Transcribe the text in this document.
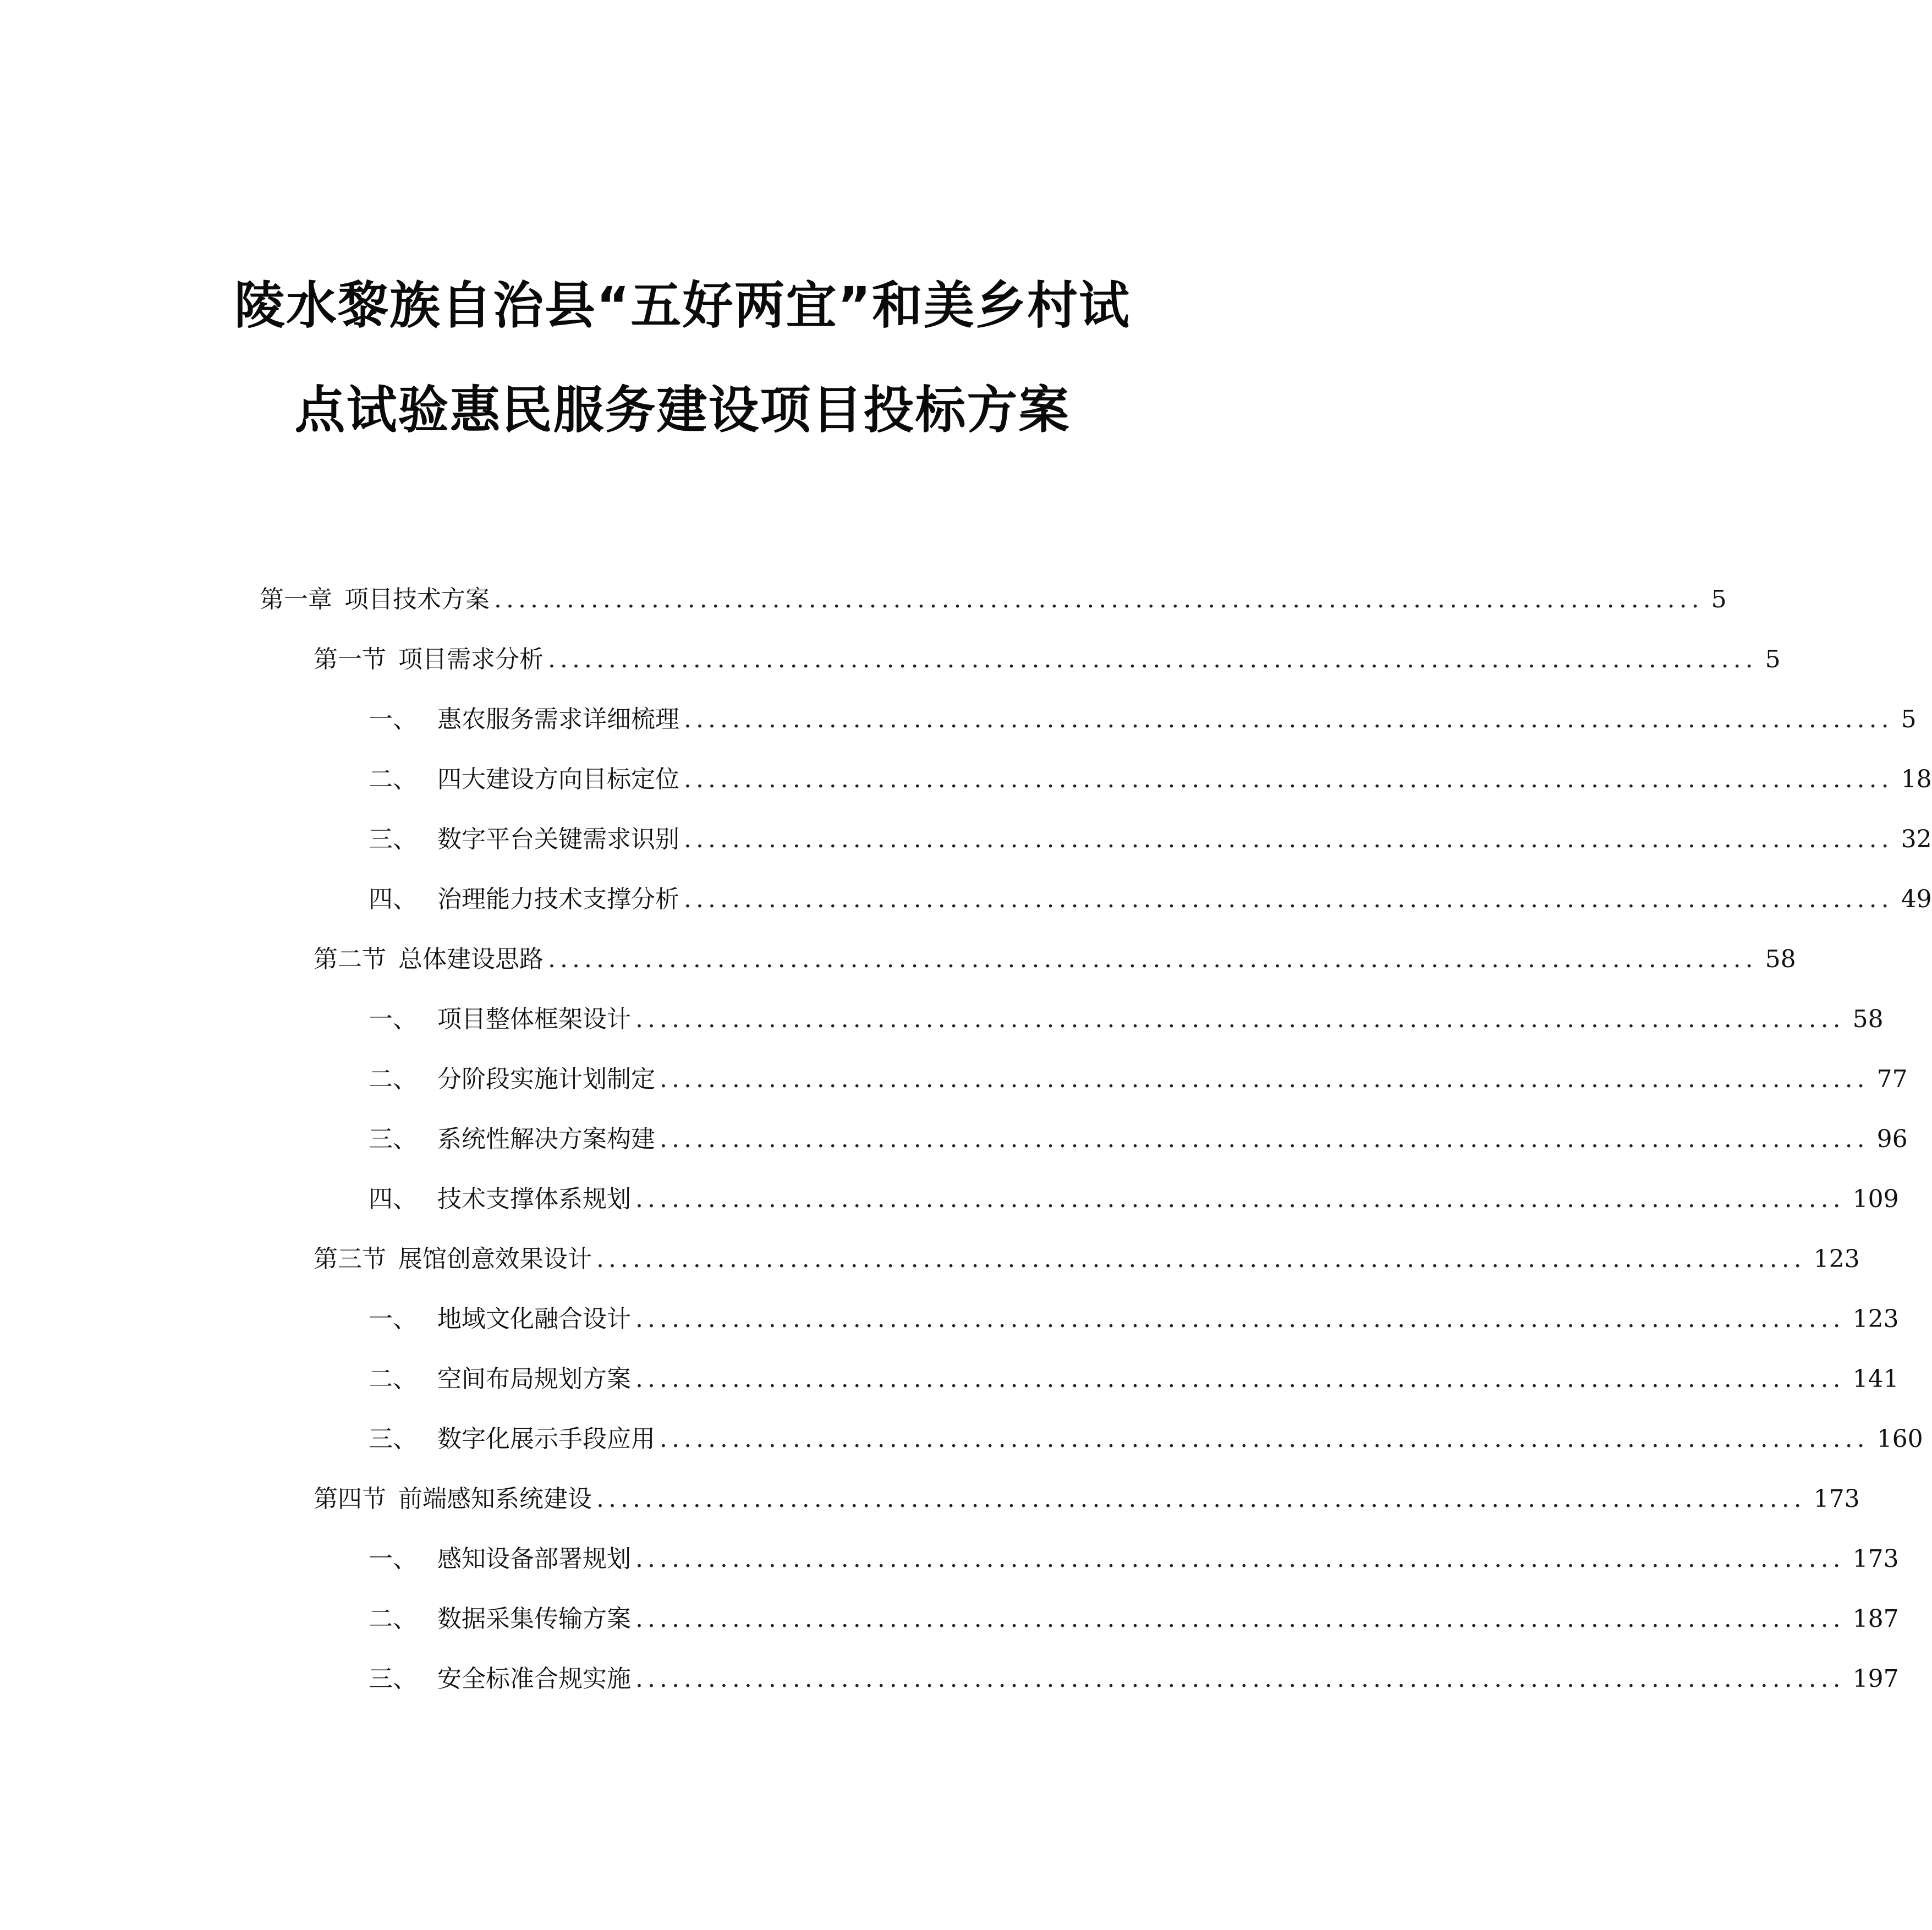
陵水黎族自治县“五好两宜”和美乡村试
点试验惠民服务建设项目投标方案
第一章 项目技术方案 .................................................................................................... 5
第一节 项目需求分析 .................................................................................................... 5
一、 惠农服务需求详细梳理 .................................................................................................... 5
二、 四大建设方向目标定位 .................................................................................................... 18
三、 数字平台关键需求识别 .................................................................................................... 32
四、 治理能力技术支撑分析 .................................................................................................... 49
第二节 总体建设思路 .................................................................................................... 58
一、 项目整体框架设计 .................................................................................................... 58
二、 分阶段实施计划制定 .................................................................................................... 77
三、 系统性解决方案构建 .................................................................................................... 96
四、 技术支撑体系规划 .................................................................................................... 109
第三节 展馆创意效果设计 .................................................................................................... 123
一、 地域文化融合设计 .................................................................................................... 123
二、 空间布局规划方案 .................................................................................................... 141
三、 数字化展示手段应用 .................................................................................................... 160
第四节 前端感知系统建设 .................................................................................................... 173
一、 感知设备部署规划 .................................................................................................... 173
二、 数据采集传输方案 .................................................................................................... 187
三、 安全标准合规实施 .................................................................................................... 197
